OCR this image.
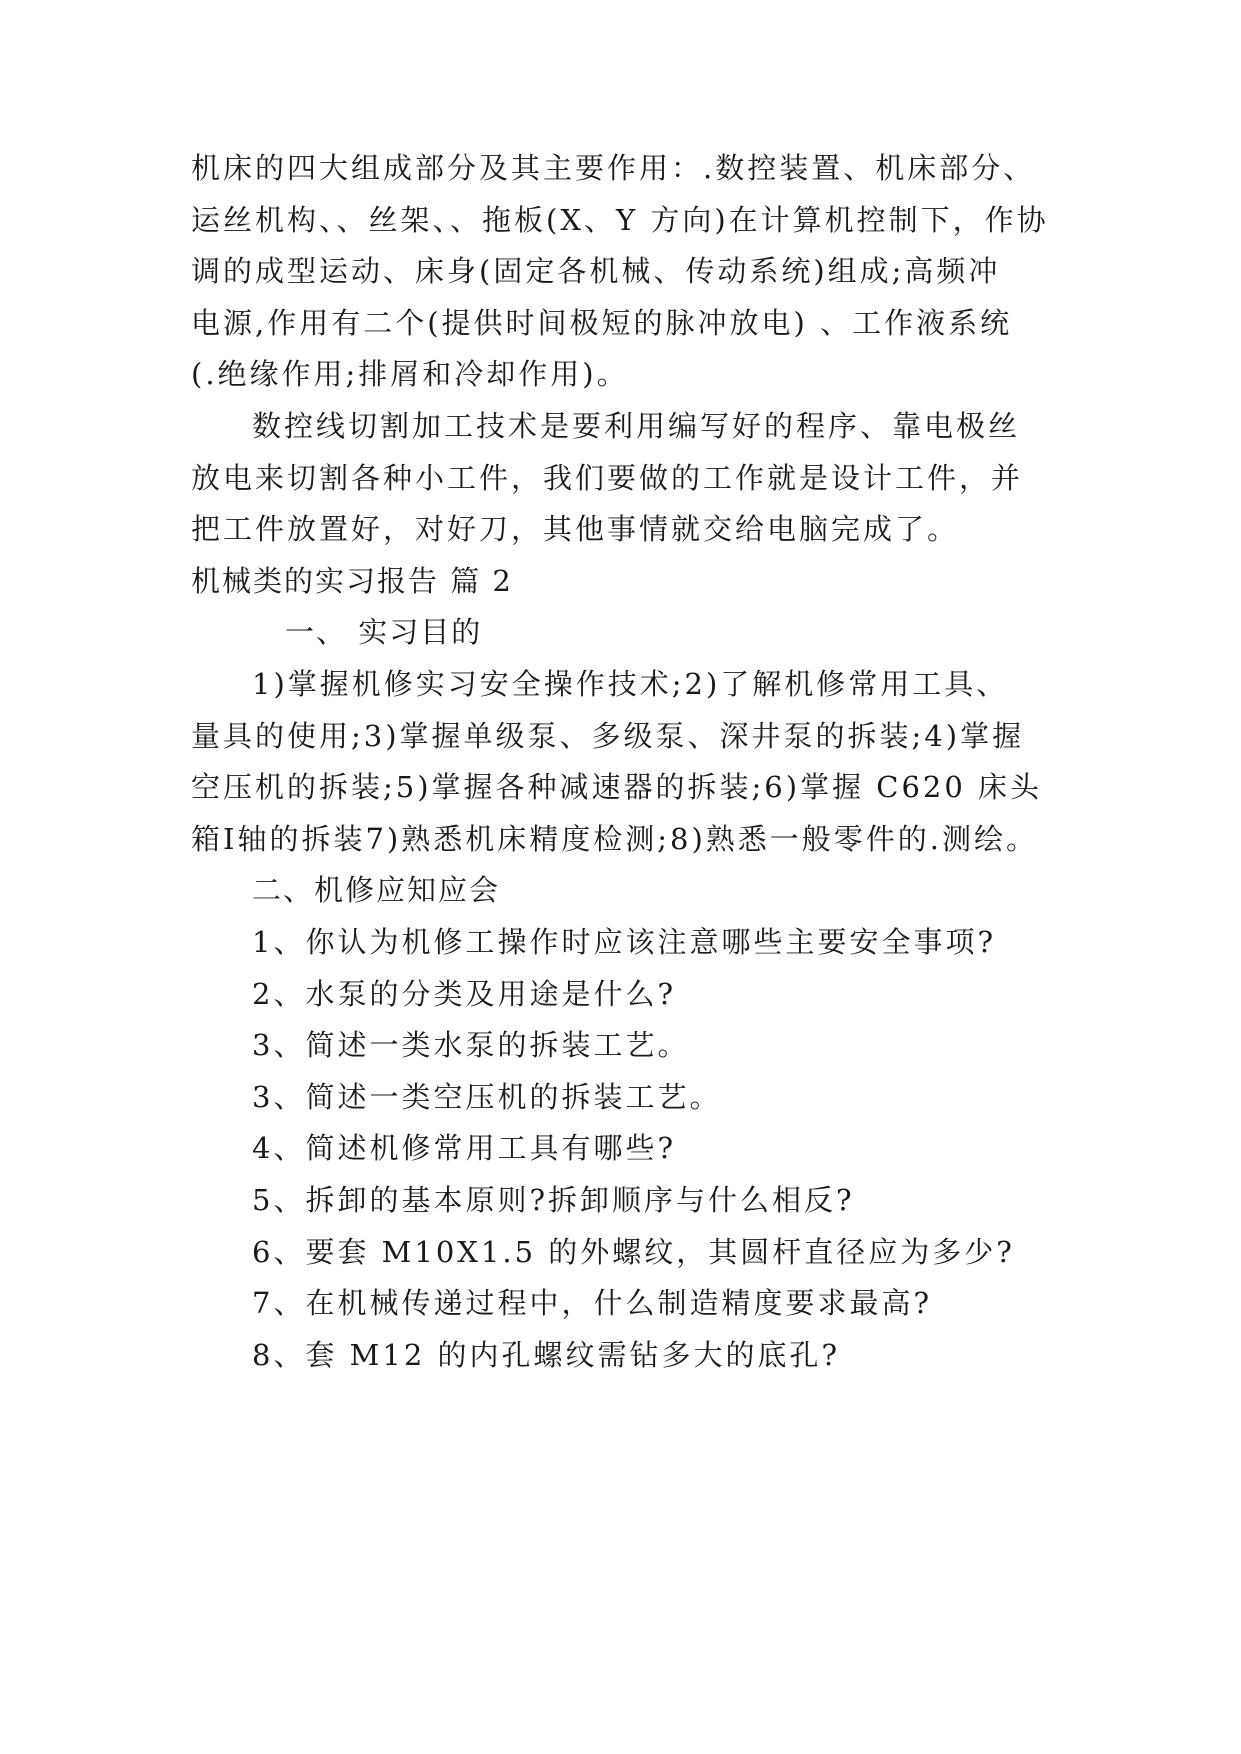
机床的四大组成部分及其主要作用：.数控装置、机床部分、
运丝机构、、丝架、、拖板(X、Y 方向)在计算机控制下，作协
调的成型运动、床身(固定各机械、传动系统)组成;高频冲
电源,作用有二个(提供时间极短的脉冲放电) 、工作液系统
(.绝缘作用;排屑和冷却作用)。
数控线切割加工技术是要利用编写好的程序、靠电极丝
放电来切割各种小工件，我们要做的工作就是设计工件，并
把工件放置好，对好刀，其他事情就交给电脑完成了。
机械类的实习报告 篇 2
一、 实习目的
1)掌握机修实习安全操作技术;2)了解机修常用工具、
量具的使用;3)掌握单级泵、多级泵、深井泵的拆装;4)掌握
空压机的拆装;5)掌握各种减速器的拆装;6)掌握 C620 床头
箱Ⅰ轴的拆装7)熟悉机床精度检测;8)熟悉一般零件的.测绘。
二、机修应知应会
1、你认为机修工操作时应该注意哪些主要安全事项?
2、水泵的分类及用途是什么?
3、简述一类水泵的拆装工艺。
3、简述一类空压机的拆装工艺。
4、简述机修常用工具有哪些?
5、拆卸的基本原则?拆卸顺序与什么相反?
6、要套 M10X1.5 的外螺纹，其圆杆直径应为多少?
7、在机械传递过程中，什么制造精度要求最高?
8、套 M12 的内孔螺纹需钻多大的底孔?
